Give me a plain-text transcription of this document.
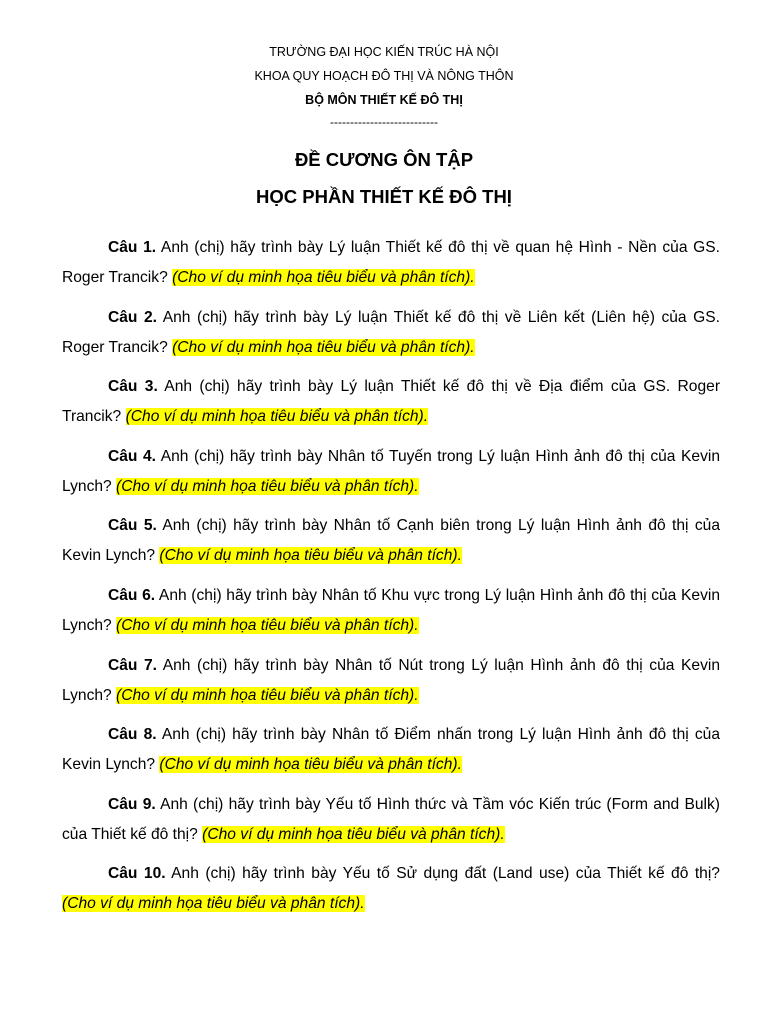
TRƯỜNG ĐẠI HỌC KIẾN TRÚC HÀ NỘI
KHOA QUY HOẠCH ĐÔ THỊ VÀ NÔNG THÔN
BỘ MÔN THIẾT KẾ ĐÔ THỊ
---------------------------
ĐỀ CƯƠNG ÔN TẬP
HỌC PHẦN THIẾT KẾ ĐÔ THỊ
Câu 1. Anh (chị) hãy trình bày Lý luận Thiết kế đô thị về quan hệ Hình - Nền của GS. Roger Trancik? (Cho ví dụ minh họa tiêu biểu và phân tích).
Câu 2. Anh (chị) hãy trình bày Lý luận Thiết kế đô thị về Liên kết (Liên hệ) của GS. Roger Trancik? (Cho ví dụ minh họa tiêu biểu và phân tích).
Câu 3. Anh (chị) hãy trình bày Lý luận Thiết kế đô thị về Địa điểm của GS. Roger Trancik? (Cho ví dụ minh họa tiêu biểu và phân tích).
Câu 4. Anh (chị) hãy trình bày Nhân tố Tuyến trong Lý luận Hình ảnh đô thị của Kevin Lynch? (Cho ví dụ minh họa tiêu biểu và phân tích).
Câu 5. Anh (chị) hãy trình bày Nhân tố Cạnh biên trong Lý luận Hình ảnh đô thị của Kevin Lynch? (Cho ví dụ minh họa tiêu biểu và phân tích).
Câu 6. Anh (chị) hãy trình bày Nhân tố Khu vực trong Lý luận Hình ảnh đô thị của Kevin Lynch? (Cho ví dụ minh họa tiêu biểu và phân tích).
Câu 7. Anh (chị) hãy trình bày Nhân tố Nút trong Lý luận Hình ảnh đô thị của Kevin Lynch? (Cho ví dụ minh họa tiêu biểu và phân tích).
Câu 8. Anh (chị) hãy trình bày Nhân tố Điểm nhấn trong Lý luận Hình ảnh đô thị của Kevin Lynch? (Cho ví dụ minh họa tiêu biểu và phân tích).
Câu 9. Anh (chị) hãy trình bày Yếu tố Hình thức và Tầm vóc Kiến trúc (Form and Bulk) của Thiết kế đô thị? (Cho ví dụ minh họa tiêu biểu và phân tích).
Câu 10. Anh (chị) hãy trình bày Yếu tố Sử dụng đất (Land use) của Thiết kế đô thị? (Cho ví dụ minh họa tiêu biểu và phân tích).
